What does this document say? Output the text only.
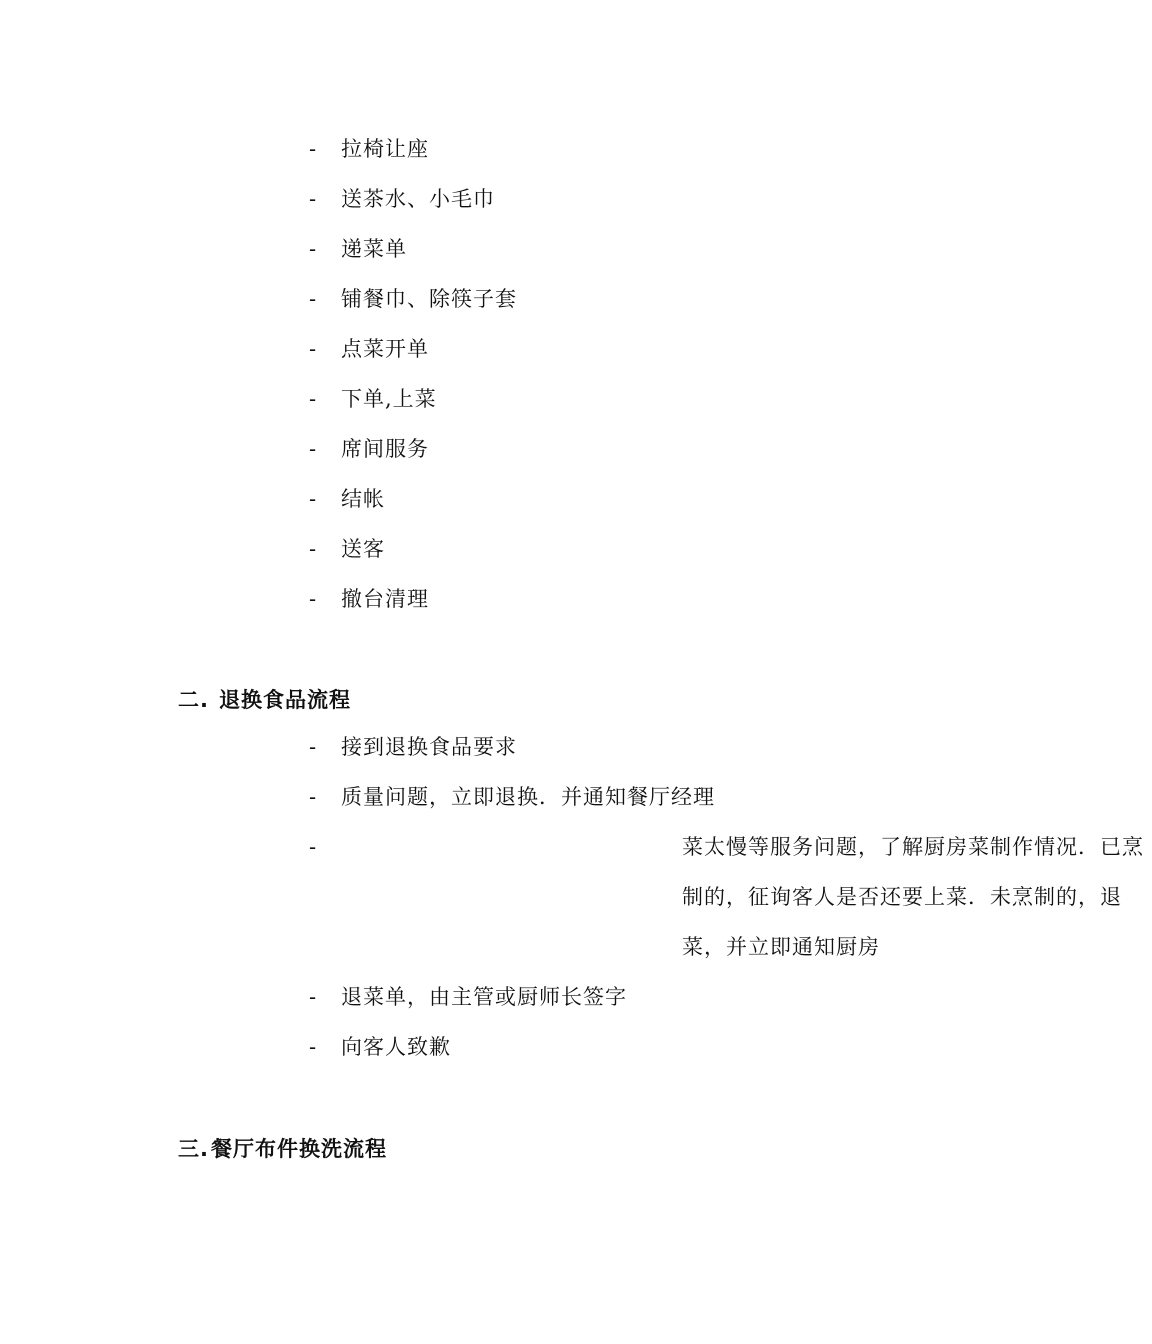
-	拉椅让座
-	送茶水、小毛巾
-	递菜单
-	铺餐巾、除筷子套
-	点菜开单
-	下单,上菜
-	席间服务
-	结帐
-	送客
-	撤台清理
二. 退换食品流程
-	接到退换食品要求
-	质量问题，立即退换．并通知餐厅经理
-	菜太慢等服务问题，了解厨房菜制作情况．已烹制的，征询客人是否还要上菜．未烹制的，退菜，并立即通知厨房
-	退菜单，由主管或厨师长签字
-	向客人致歉
三.餐厅布件换洗流程
